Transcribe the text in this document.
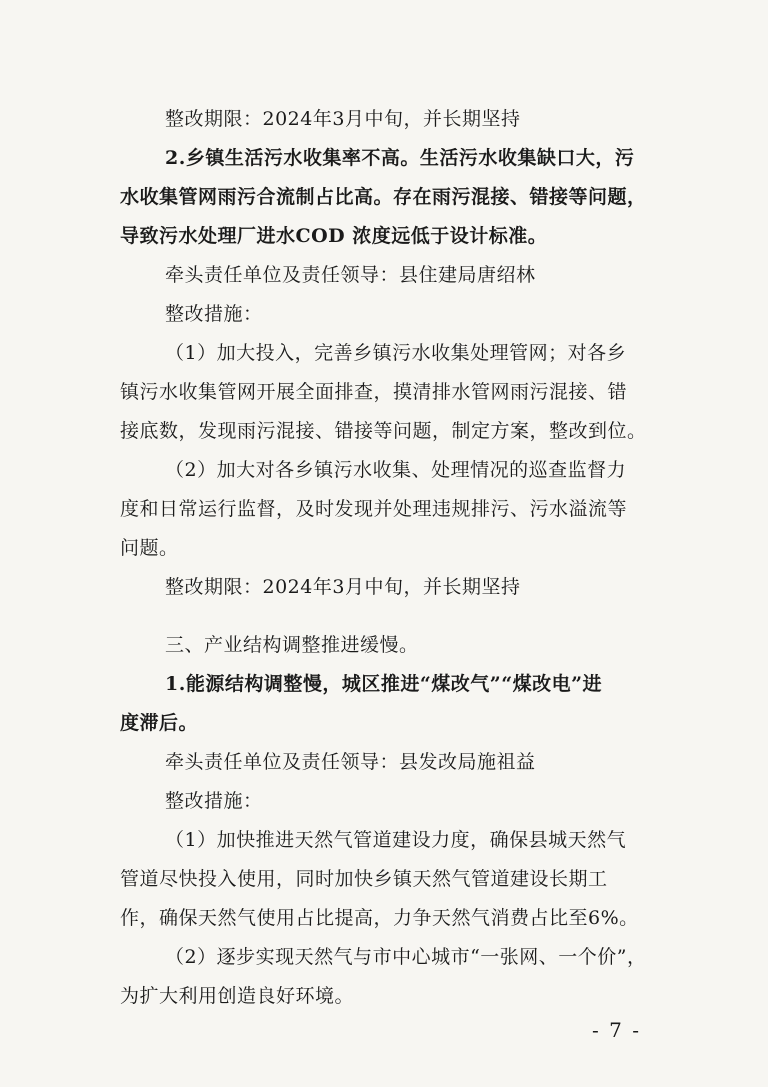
整改期限：2024年3月中旬，并长期坚持
2.乡镇生活污水收集率不高。生活污水收集缺口大，污
水收集管网雨污合流制占比高。存在雨污混接、错接等问题，
导致污水处理厂进水COD 浓度远低于设计标准。
牵头责任单位及责任领导：县住建局唐绍林
整改措施：
（1）加大投入，完善乡镇污水收集处理管网；对各乡
镇污水收集管网开展全面排查，摸清排水管网雨污混接、错
接底数，发现雨污混接、错接等问题，制定方案，整改到位。
（2）加大对各乡镇污水收集、处理情况的巡查监督力
度和日常运行监督，及时发现并处理违规排污、污水溢流等
问题。
整改期限：2024年3月中旬，并长期坚持
三、产业结构调整推进缓慢。
1.能源结构调整慢，城区推进“煤改气”“煤改电”进
度滞后。
牵头责任单位及责任领导：县发改局施祖益
整改措施：
（1）加快推进天然气管道建设力度，确保县城天然气
管道尽快投入使用，同时加快乡镇天然气管道建设长期工
作，确保天然气使用占比提高，力争天然气消费占比至6%。
（2）逐步实现天然气与市中心城市“一张网、一个价”，
为扩大利用创造良好环境。
- 7 -
